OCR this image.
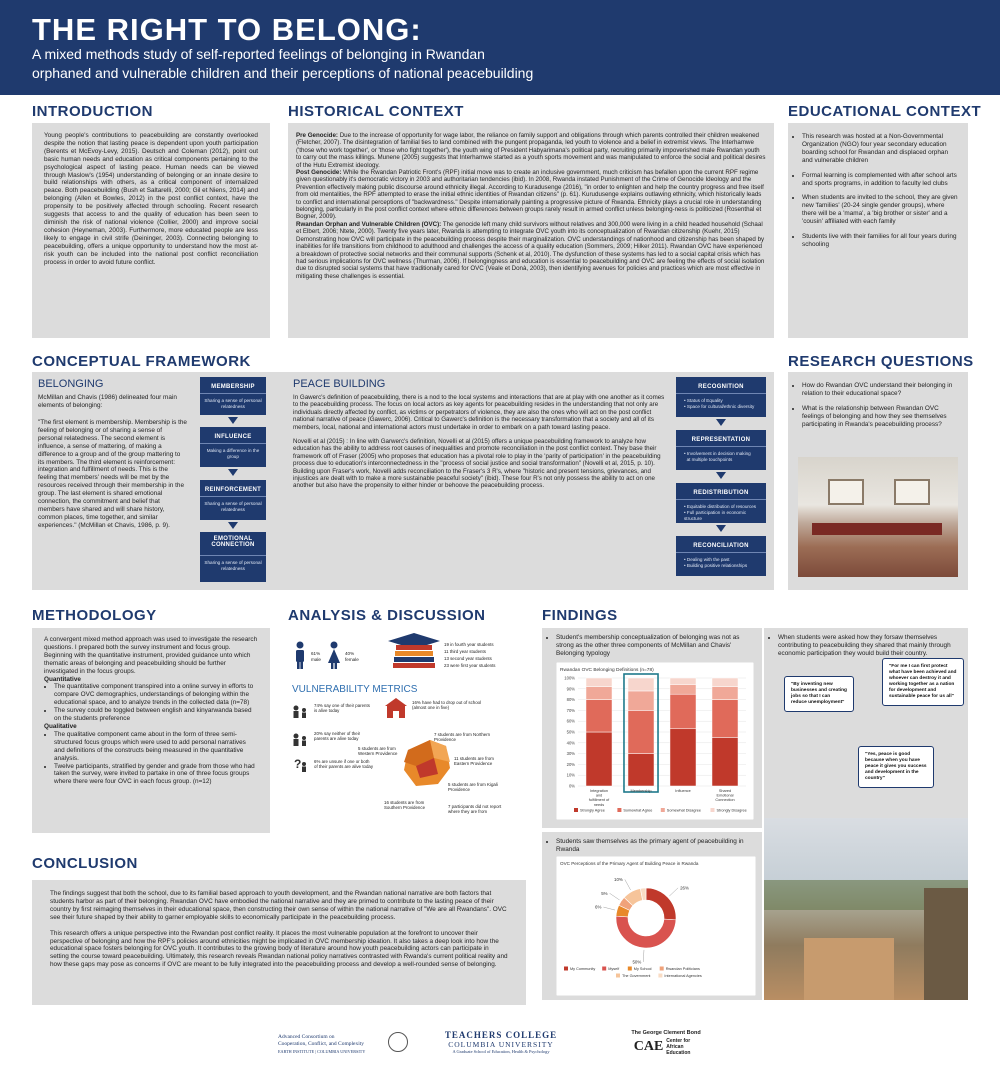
THE RIGHT TO BELONG:
A mixed methods study of self-reported feelings of belonging in Rwandan
orphaned and vulnerable children and their perceptions of national peacebuilding
INTRODUCTION
Young people's contributions to peacebuilding are constantly overlooked despite the notion that lasting peace is dependent upon youth participation (Berents et McEvoy-Levy, 2015). Deutsch and Coleman (2012), point out basic human needs and education as critical components pertaining to the psychological aspect of lasting peace. Human needs can be viewed through Maslow's (1954) understanding of belonging or an innate desire to build relationships with others, as a critical component of internalized peace. Both peacebuilding (Bush et Saltarelli, 2000; Gil et Niens, 2014) and belonging (Allen et Bowles, 2012) in the post conflict context, have the propensity to be positively affected through schooling. Recent research suggests that access to and the quality of education has been seen to diminish the risk of national violence (Collier, 2000) and improve social cohesion (Heyneman, 2003). Furthermore, more educated people are less likely to engage in civil strife (Deininger, 2003). Connecting belonging to peacebuilding, offers a unique opportunity to understand how the most at-risk youth can be included into the national post conflict reconciliation process in order to avoid future conflict.
HISTORICAL CONTEXT
Pre Genocide: Due to the increase of opportunity for wage labor, the reliance on family support and obligations through which parents controlled their children weakened (Fletcher, 2007). The disintegration of familial ties to land combined with the pungent propaganda, led youth to violence and a belief in extremist views. The Interhamwe ('those who work together', or 'those who fight together'), the youth wing of President Habyarimana's political party, recruiting primarily impoverished male Rwandan youth to carry out the mass killings. Munene (2005) suggests that Interhamwe started as a youth sports movement and was manipulated to enforce the social and political desires of the Hutu Extremist ideology.
Post Genocide: While the Rwandan Patriotic Front's (RPF) initial move was to create an inclusive government, much criticism has befallen upon the current RPF regime given questionably it's democratic victory in 2003 and authoritarian tendencies (ibid). In 2008, Rwanda instated Punishment of the Crime of Genocide Ideology and the Prevention effectively making public discourse around ethnicity illegal. According to Kuradusenge (2016), "in order to enlighten and help the country progress and free itself from old mentalities, the RPF attempted to erase the initial ethnic identities of Rwandan citizens" (p. 61). Kurudusenge explains outlawing ethnicity, which historically leads to conflict and international perceptions of "backwardness." Despite internationally painting a progressive picture of Rwanda. Ethnicity plays a crucial role in understanding belonging, particularly in the post conflict context where ethnic differences between groups rarely result in armed conflict unless belonging-ness is politicized (Rosenthal et Bogner, 2009).
Rwandan Orphan and Vulnerable Children (OVC): The genocide left many child survivors without relatives and 300,000 were living in a child headed household (Schaal et Elbert, 2006; Ntete, 2000). Twenty five years later, Rwanda is attempting to integrate OVC youth into its conceptualization of Rwandan citizenship (Kuehr, 2015) Demonstrating how OVC will participate in the peacebuilding process despite their marginalization. OVC understandings of nationhood and citizenship has been shaped by inabilities for life transitions from childhood to adulthood and challenges the access of a quality education (Sommers, 2009; Hilker 2011). Rwandan OVC have experienced a breakdown of protective social networks and their communal supports (Schenk et al, 2010). The dysfunction of these systems has led to a social capital crisis which has had serious implications for OVC wellness (Thurman, 2006). If belongingness and education is essential to peacebuilding and OVC are feeling the effects of social isolation due to disrupted social systems that have traditionally cared for OVC (Veale et Donà, 2003), then identifying avenues for policies and practices which are most effective in mitigating these challenges is essential.
EDUCATIONAL CONTEXT
• This research was hosted at a Non-Governmental Organization (NGO) four year secondary education boarding school for Rwandan and displaced orphan and vulnerable children
• Formal learning is complemented with after school arts and sports programs, in addition to faculty led clubs
• When students are invited to the school, they are given new 'families' (20-24 single gender groups), where there will be a 'mama', a 'big brother or sister' and a 'cousin' affiliated with each family
• Students live with their families for all four years during schooling
CONCEPTUAL FRAMEWORK
BELONGING
McMillan and Chavis (1986) delineated four main elements of belonging:
"The first element is membership. Membership is the feeling of belonging or of sharing a sense of personal relatedness. The second element is influence, a sense of mattering, of making a difference to a group and of the group mattering to its members. The third element is reinforcement: integration and fulfillment of needs. This is the feeling that members' needs will be met by the resources received through their membership in the group. The last element is shared emotional connection, the commitment and belief that members have shared and will share history, common places, time together, and similar experiences." (McMillan et Chavis, 1986, p. 9).
MEMBERSHIP
Sharing a sense of personal relatedness
INFLUENCE
Making a difference in the group
REINFORCEMENT
Sharing a sense of personal relatedness
EMOTIONAL CONNECTION
Sharing a sense of personal relatedness
PEACE BUILDING
In Gawerc's definition of peacebuilding, there is a nod to the local systems and interactions that are at play with one another as it comes to the peacebuilding process. The focus on local actors as key agents for peacebuilding resides in the understanding that not only are individuals directly affected by conflict, as victims or perpetrators of violence, they are also the ones who will act on the post conflict national narrative of peace (Gawerc, 2006). Critical to Gawerc's definition is the necessary transformation that a society and all of its members, local, national and international actors must undertake in order to embark on a path toward lasting peace.
Novelli et al (2015) : In line with Garwerc's definition, Novelli et al (2015) offers a unique peacebuilding framework to analyze how education has the ability to address root causes of inequalities and promote reconciliation in the post conflict context. They base their framework off of Fraser (2005) who proposes that education has a pivotal role to play in the 'parity of participation' in the peacebuilding process due to education's interconnectedness in the "process of social justice and social transformation" (Novelli et al, 2015, p. 10). Building upon Fraser's work, Novelli adds reconciliation to the Fraser's 3 R's, where "historic and present tensions, grievances, and injustices are dealt with to make a more sustainable peaceful society" (ibid). These four R's not only possess the ability to act on one another but also have the propensity to either hinder or behoove the peacebuilding process.
RECOGNITION
• Status of Equality
• Space for cultural/ethnic diversity
REPRESENTATION
• Involvement in decision making
at multiple touchpoints
REDISTRIBUTION
• Equitable distribution of resources
• Full participation in economic structure
RECONCILIATION
• Dealing with the past
• Building positive relationships
RESEARCH QUESTIONS
• How do Rwandan OVC understand their belonging in relation to their educational space?
• What is the relationship between Rwandan OVC feelings of belonging and how they see themselves participating in Rwanda's peacebuilding process?
METHODOLOGY
A convergent mixed method approach was used to investigate the research questions. I prepared both the survey instrument and focus group. Beginning with the quantitative instrument, provided guidance unto which thematic areas of belonging and peacebuilding should be further investigated in the focus groups.
Quantitative
• The quantitative component transpired into a online survey in efforts to compare OVC demographics, understandings of belonging within the educational space, and to analyze trends in the collected data (n=78)
• The survey could be toggled between english and kinyarwanda based on the students preference
Qualitative
• The qualitative component came about in the form of three semi-structured focus groups which were used to add personal narratives and definitions of the constructs being measured in the quantitative analysis.
• Twelve participants, stratified by gender and grade from those who had taken the survey, were invited to partake in one of three focus groups where there were four OVC in each focus group. (n=12)
ANALYSIS & DISCUSSION
61%
male
40%
female
19 in fourth year students
11 third year students
13 second year students
23 were first year students
VULNERABILITY METRICS
74% say one of their parents is alive today
20% say neither of their parents are alive today
?	6% are unsure if one or both of their parents are alive today
16% have had to drop out of school (almost one in five)
5 students are from Western Providence
7 students are from Northern Providence
11 students are from Eastern Providence
5 students are from Kigali Providence
16 students are from Southern Providence	7 participants did not report where they are from
FINDINGS
• Student's membership conceptualization of belonging was not as strong as the other three components of McMillan and Chavis' Belonging typology
Rwandan OVC Belonging Definitions (n=78)
0%
10%
20%
30%
40%
50%
60%
70%
80%
90%
100%
Integration
and
fulfillment of
needs
Membership	Influence	Shared
Emotional
Connection
Strongly Agree	Somewhat Agree	Somewhat Disagree	Strongly Disagree
• When students were asked how they forsaw themselves contributing to peacebuilding they shared that mainly through economic participation they would build their country.
"By inventing new businesses and creating jobs so that I can reduce unemployment"
"For me I can first protect what have been achieved and whoever can destroy it and working together as a nation for development and sustainable peace for us all"
"Yes, peace is good because when you have peace it gives you success and development in the country"
• Students saw themselves as the primary agent of peacebuilding in Rwanda
OVC Perceptions of the Primary Agent of Building Peace in Rwanda
26%
50%
6%
5%
10%
My Community	Myself	My School	Rwandan Politicians
The Government	International Agencies
CONCLUSION
The findings suggest that both the school, due to its familial based approach to youth development, and the Rwandan national narrative are both factors that students harbor as part of their belonging. Rwandan OVC have embodied the national narrative and they are primed to contribute to the lasting peace of their country by first reimaging themselves in their educational space, then constructing their own sense of within the national narrative of "We are all Rwandans". OVC see their future shaped by their ability to garner employable skills to economically participate in the peacebuilding process.
This research offers a unique perspective into the Rwandan post conflict reality. It places the most vulnerable population at the forefront to uncover their perspective of belonging and how the RPF's policies around ethnicities might be implicated in OVC membership ideation. It also takes a deep look into how the educational space fosters belonging for OVC youth. It contributes to the growing body of literature around how youth peacebuilding actors can participate in setting the course toward peacebuilding. Ultimately, this research reveals Rwandan national policy narratives contrasted with Rwanda's current political reality and how these gaps may pose as concerns if OVC are meant to be fully integrated into the peacebuilding process and develop a well-rounded sense of belonging.
Advanced Consortium on
Cooperation, Conflict, and Complexity
EARTH INSTITUTE | COLUMBIA UNIVERSITY
TEACHERS COLLEGE
COLUMBIA UNIVERSITY
A Graduate School of Education, Health & Psychology
The George Clement Bond
CAE Center for African Education
